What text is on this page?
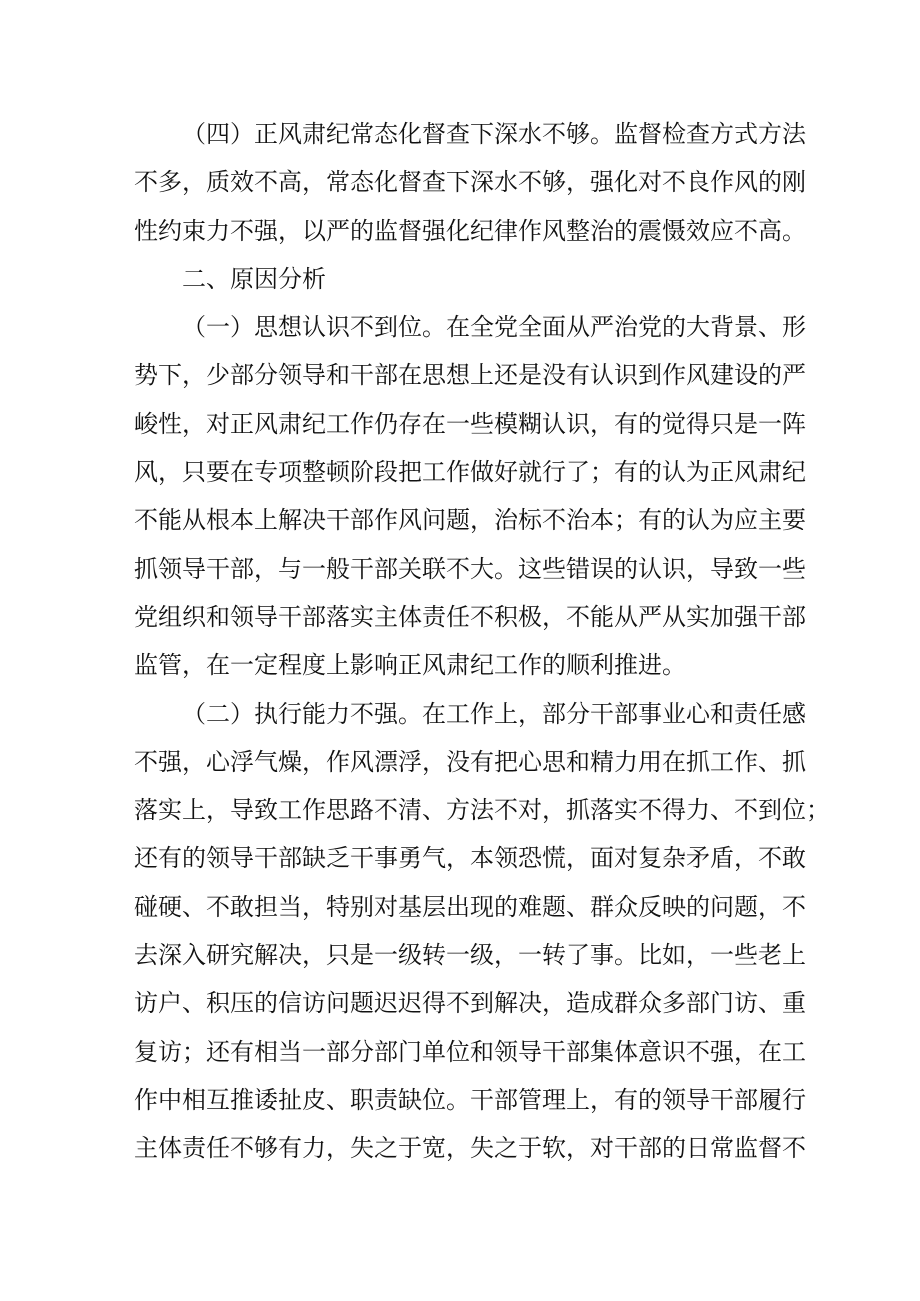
（四）正风肃纪常态化督查下深水不够。监督检查方式方法
不多，质效不高，常态化督查下深水不够，强化对不良作风的刚
性约束力不强，以严的监督强化纪律作风整治的震慑效应不高。
二、原因分析
（一）思想认识不到位。在全党全面从严治党的大背景、形
势下，少部分领导和干部在思想上还是没有认识到作风建设的严
峻性，对正风肃纪工作仍存在一些模糊认识，有的觉得只是一阵
风，只要在专项整顿阶段把工作做好就行了；有的认为正风肃纪
不能从根本上解决干部作风问题，治标不治本；有的认为应主要
抓领导干部，与一般干部关联不大。这些错误的认识，导致一些
党组织和领导干部落实主体责任不积极，不能从严从实加强干部
监管，在一定程度上影响正风肃纪工作的顺利推进。
（二）执行能力不强。在工作上，部分干部事业心和责任感
不强，心浮气燥，作风漂浮，没有把心思和精力用在抓工作、抓
落实上，导致工作思路不清、方法不对，抓落实不得力、不到位；
还有的领导干部缺乏干事勇气，本领恐慌，面对复杂矛盾，不敢
碰硬、不敢担当，特别对基层出现的难题、群众反映的问题，不
去深入研究解决，只是一级转一级，一转了事。比如，一些老上
访户、积压的信访问题迟迟得不到解决，造成群众多部门访、重
复访；还有相当一部分部门单位和领导干部集体意识不强，在工
作中相互推诿扯皮、职责缺位。干部管理上，有的领导干部履行
主体责任不够有力，失之于宽，失之于软，对干部的日常监督不
